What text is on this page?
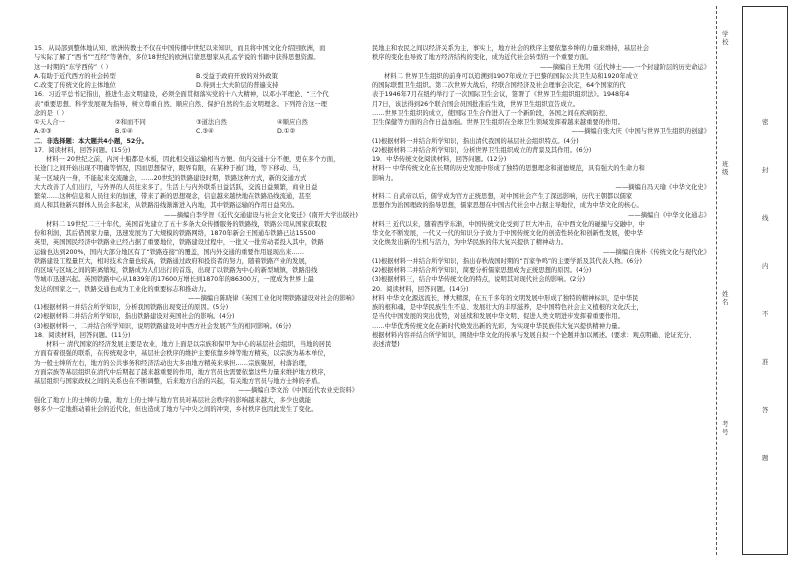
15．从局部到整体地认知、欧洲传教士不仅在中国传播中世纪以来知识，而且将中国文化介绍回欧洲，而

与实际了解了“西书”“互经”等著作，多位18世纪的欧洲启蒙思想家从孔孟学说的书籍中获得思想资源。

这一时期的“东学西传”（ ）

A.有助于近代西方的社会转型	B.受益于政府开放的对外政策

C.改变了传统文化的主体地位	D.得到士大夫阶层的普遍支持

16．习近平总书记指出，推进生态文明建设，必须全面贯彻落实党的十八大精神，以邓小平理论、“三个代

表”重要思想、科学发展观为指导，树立尊重自然、顺应自然、保护自然的生态文明理念。下列符合这一理

念的是（ ）

①天人合一	②和而不同	③道法自然	④顺应自然

A.②③	B.①④	C.③④	D.①②

二．非选择题：本大题共4小题，52分。

17．阅读材料，回答问题。(15分)

材料一 20世纪之前，内河十船都是木板，因此相交通运输相当方便。但内交通十分不便，更在多个方面，

长途门之间开始出现不明确等情况，因而思想保守，眼界有限，在某种于被门地，等下移动、马，

某一区域内一身，不能起来交流融会，……20世纪的铁路建设时期，铁路这种方式，新的交通方式

大大改善了人们出行，与外界的人员往来多了，生活上与内外联系日益活跃，交流日益频繁，商业日益

繁荣……这种信息和人员往来的加速，带来了新的思想观念，信息越来越快地在铁路沿线流通，甚至

商人和其他新兴群体人员会多起来，从铁路沿线渐渐进入内地，其中铁路运输的作用日益突出。

——摘编自李学智《近代交通建设与社会文化变迁》(南开大学出版社)

材料二 19世纪二三十年代，英国首先建立了五十多条大众传播服务的铁路线，铁路公司从国家获取股

份和利润，其后借国家力量，迅速发展为了大规模的铁路网络，1870年新会王国通车铁路已达15500

英里，英国国民经济中铁路业已经占据了重要地位，铁路建设过程中，一批又一批劳动者投入其中，铁路

运输也达到200%，国内大部分地区有了“铁路连接”的覆盖，国内外交通的重要作用显现出来……

铁路建设工程量巨大，相对技术含量也较高，铁路通过政府和投资者的努力，随着铁路产业的发展，

的区域与区域之间的距离缩短，铁路成为人们出行的首选，出现了以铁路为中心的新型城镇，铁路沿线

等城市迅速兴起。英国铁路中心从1839年的17600万增长到1870年的86300万，一度成为世界上最

发达的国家之一，铁路交通也成为工业化的重要标志和推动力。

——摘编自陈晓律《英国工业化时期铁路建设对社会的影响》

(1)根据材料一并结合所学知识，分析我国铁路出现变迁的原因。(5分)

(2)根据材料二并结合所学知识，指出铁路建设对英国社会的影响。(4分)

(3)根据材料一、二并结合所学知识，说明铁路建设对中西方社会发展产生的相同影响。(6分)

18．阅读材料，回答问题。(11分)

材料一 清代国家的经济发展主要是农业，地方上面是以宗族和保甲为中心的基层社会组织，当地的居民

方面有着很强的联系，在传统观念中，基层社会秩序的维护主要依靠乡绅等地方精英，以宗族为基本单位，

为一般士绅所左右，地方的公共事务和经济活动也大多由地方精英来承担……宗族聚居，村落治理，

方面宗族等基层组织在清代中后期起了越来越重要的作用，地方官员也需要依靠这些力量来维护地方秩序，

基层组织与国家政权之间的关系也在不断调整，后来地方自治的兴起，有关地方官员与地方士绅的矛盾。

——摘编自李文治《中国近代农业史资料》

强化了地方上的士绅的力量，地方上的士绅与地方官员对基层社会秩序的影响越来越大，多少也就能

够多少一定地推动着社会的近代化，但也造成了地方与中央之间的冲突，乡村秩序也因此发生了变化。

民地主和农民之间以经济关系为主，事实上，地方社会的秩序主要依靠乡绅的力量来维持，基层社会

秩序的变化也导致了地方经济结构的变化，成为近代社会转型的一个重要方面。

——摘编自王先明《近代绅士——一个封建阶层的历史命运》

材料二 世界卫生组织的前身可以追溯到1907年成立于巴黎的国际公共卫生局和1920年成立

的国际联盟卫生组织。第二次世界大战后，经联合国经济及社会理事会决定，64个国家的代

表于1946年7月在纽约举行了一次国际卫生会议，签署了《世界卫生组织组织法》。1948年4

月7日，该法得到26个联合国会员国批准后生效，世界卫生组织宣告成立。

……世界卫生组织的成立，使国际卫生合作进入了一个新阶段，各国之间在疾病防控、

卫生保健等方面的合作日益加强。世界卫生组织在全球卫生领域发挥着越来越重要的作用。

——摘编自张大庆《中国与世界卫生组织的创建》

(1)根据材料一并结合所学知识，指出清代我国的基层社会组织特点。(4分)

(2)根据材料二并结合所学知识，分析世界卫生组织成立的背景及其作用。(6分)

19．中华传统文化阅读材料，回答问题。(12分)

材料一 中华传统文化在长期的历史发展中形成了独特的思想理念和道德规范，具有强大的生命力和

影响力。

——摘编自冯天瑜《中华文化史》

材料二 自武帝以后，儒学成为官方正统思想，对中国社会产生了深远影响，历代王朝都以儒家

思想作为治国理政的指导思想，儒家思想在中国古代社会中占据主导地位，成为中华文化的核心。

——摘编自《中华文化通志》

材料三 近代以来，随着西学东渐，中国传统文化受到了巨大冲击，在中西文化的碰撞与交融中，中

华文化不断发展，一代又一代的知识分子致力于中国传统文化的创造性转化和创新性发展，使中华

文化焕发出新的生机与活力，为中华民族的伟大复兴提供了精神动力。

——摘编自庞朴《传统文化与现代化》

(1)根据材料一并结合所学知识，指出春秋战国时期的“百家争鸣”的主要学派及其代表人物。(6分)

(2)根据材料二并结合所学知识，简要分析儒家思想成为正统思想的原因。(4分)

(3)根据材料三，结合中华传统文化的特点，说明其对现代社会的影响。(2分)

20．阅读材料，回答问题。(14分)

材料 中华文化源远流长，博大精深，在五千多年的文明发展中形成了独特的精神标识，是中华民

族的根和魂，是中华民族生生不息、发展壮大的丰厚滋养，是中国特色社会主义植根的文化沃土，

是当代中国发展的突出优势，对延续和发展中华文明、促进人类文明进步发挥着重要作用。

……中华优秀传统文化在新时代焕发出新的光彩，为实现中华民族伟大复兴提供精神力量。

根据材料内容并结合所学知识，围绕中华文化的传承与发展自拟一个论题并加以阐述。(要求：观点明确、论证充分、

表述清楚)

学校
班级
姓名
考号
密
封
线
内
不
准
答
题
